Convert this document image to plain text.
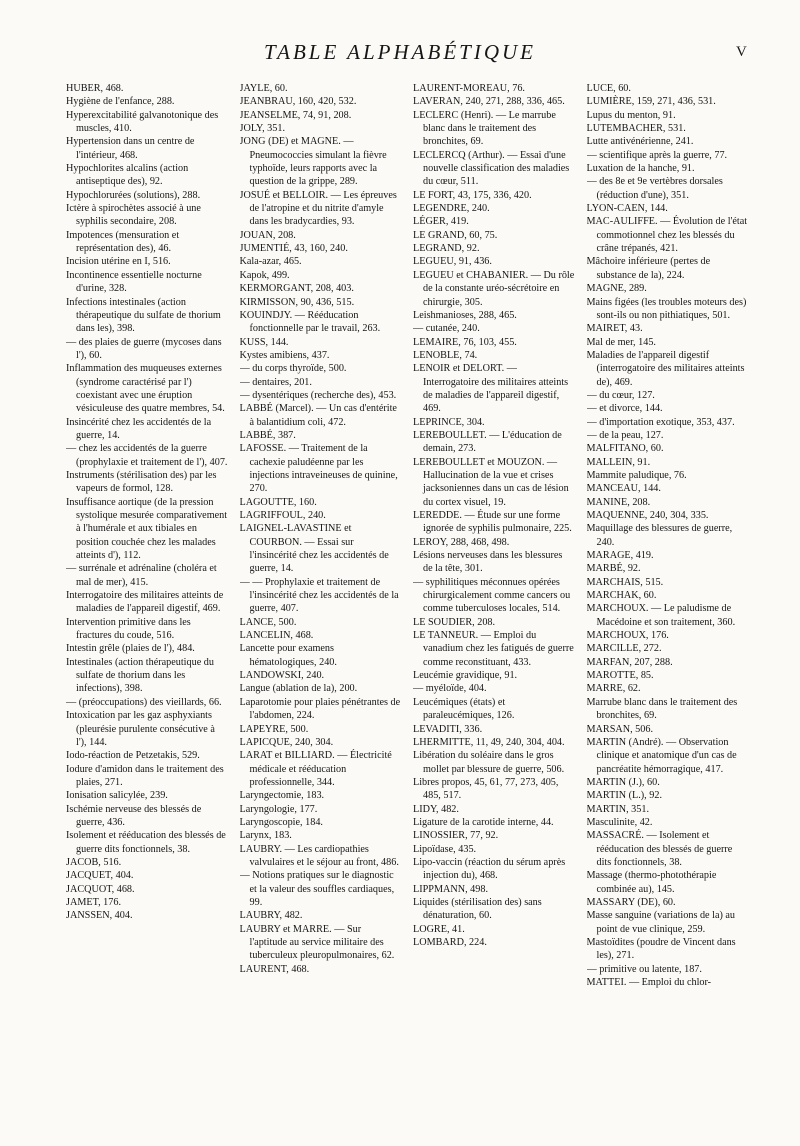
TABLE ALPHABÉTIQUE	V
HUBER, 468.
Hygiène de l'enfance, 288.
Hyperexcitabilité galvanotonique des muscles, 410.
Hypertension dans un centre de l'intérieur, 468.
Hypochlorites alcalins (action antiseptique des), 92.
Hypochlorurées (solutions), 288.
Ictère à spirochètes associé à une syphilis secondaire, 208.
Impotences (mensuration et représentation des), 46.
Incision utérine en I, 516.
Incontinence essentielle nocturne d'urine, 328.
Infections intestinales (action thérapeutique du sulfate de thorium dans les), 398.
— des plaies de guerre (mycoses dans l'), 60.
Inflammation des muqueuses externes (syndrome caractérisé par l') coexistant avec une éruption vésiculeuse des quatre membres, 54.
Insincérité chez les accidentés de la guerre, 14.
— chez les accidentés de la guerre (prophylaxie et traitement de l'), 407.
Instruments (stérilisation des) par les vapeurs de formol, 128.
Insuffisance aortique (de la pression systolique mesurée comparativement à l'humérale et aux tibiales en position couchée chez les malades atteints d'), 112.
— surrénale et adrénaline (choléra et mal de mer), 415.
Interrogatoire des militaires atteints de maladies de l'appareil digestif, 469.
Intervention primitive dans les fractures du coude, 516.
Intestin grêle (plaies de l'), 484.
Intestinales (action thérapeutique du sulfate de thorium dans les infections), 398.
— (préoccupations) des vieillards, 66.
Intoxication par les gaz asphyxiants (pleurésie purulente consécutive à l'), 144.
Iodo-réaction de Petzetakis, 529.
Iodure d'amidon dans le traitement des plaies, 271.
Ionisation salicylée, 239.
Ischémie nerveuse des blessés de guerre, 436.
Isolement et rééducation des blessés de guerre dits fonctionnels, 38.
JACOB, 516.
JACQUET, 404.
JACQUOT, 468.
JAMET, 176.
JANSSEN, 404.
JAYLE, 60.
JEANBRAU, 160, 420, 532.
JEANSELME, 74, 91, 208.
JOLY, 351.
JONG (DE) et MAGNE. — Pneumococcies simulant la fièvre typhoïde, leurs rapports avec la question de la grippe, 289.
JOSUÉ et BELLOIR. — Les épreuves de l'atropine et du nitrite d'amyle dans les bradycardies, 93.
JOUAN, 208.
JUMENTIÉ, 43, 160, 240.
Kala-azar, 465.
Kapok, 499.
KERMORGANT, 208, 403.
KIRMISSON, 90, 436, 515.
KOUINDJY. — Rééducation fonctionnelle par le travail, 263.
KUSS, 144.
Kystes amibiens, 437.
— du corps thyroïde, 500.
— dentaires, 201.
— dysentériques (recherche des), 453.
LABBÉ (Marcel). — Un cas d'entérite à balantidium coli, 472.
LABBÉ, 387.
LAFOSSE. — Traitement de la cachexie paludéenne par les injections intraveineuses de quinine, 270.
LAGOUTTE, 160.
LAGRIFFOUL, 240.
LAIGNEL-LAVASTINE et COURBON. — Essai sur l'insincérité chez les accidentés de guerre, 14.
— — Prophylaxie et traitement de l'insincérité chez les accidentés de la guerre, 407.
LANCE, 500.
LANCELIN, 468.
Lancette pour examens hématologiques, 240.
LANDOWSKI, 240.
Langue (ablation de la), 200.
Laparotomie pour plaies pénétrantes de l'abdomen, 224.
LAPEYRE, 500.
LAPICQUE, 240, 304.
LARAT et BILLIARD. — Électricité médicale et rééducation professionnelle, 344.
Laryngectomie, 183.
Laryngologie, 177.
Laryngoscopie, 184.
Larynx, 183.
LAUBRY. — Les cardiopathies valvulaires et le séjour au front, 486.
— Notions pratiques sur le diagnostic et la valeur des souffles cardiaques, 99.
LAUBRY, 482.
LAUBRY et MARRE. — Sur l'aptitude au service militaire des tuberculeux pleuropulmonaires, 62.
LAURENT, 468.
LAURENT-MOREAU, 76.
LAVERAN, 240, 271, 288, 336, 465.
LECLERC (Henri). — Le marrube blanc dans le traitement des bronchites, 69.
LECLERCQ (Arthur). — Essai d'une nouvelle classification des maladies du cœur, 511.
LE FORT, 43, 175, 336, 420.
LEGENDRE, 240.
LÉGER, 419.
LE GRAND, 60, 75.
LEGRAND, 92.
LEGUEU, 91, 436.
LEGUEU et CHABANIER. — Du rôle de la constante uréo-sécrétoire en chirurgie, 305.
Leishmanioses, 288, 465.
— cutanée, 240.
LEMAIRE, 76, 103, 455.
LENOBLE, 74.
LENOIR et DELORT. — Interrogatoire des militaires atteints de maladies de l'appareil digestif, 469.
LEPRINCE, 304.
LEREBOULLET. — L'éducation de demain, 273.
LEREBOULLET et MOUZON. — Hallucination de la vue et crises jacksoniennes dans un cas de lésion du cortex visuel, 19.
LEREDDE. — Étude sur une forme ignorée de syphilis pulmonaire, 225.
LEROY, 288, 468, 498.
Lésions nerveuses dans les blessures de la tête, 301.
— syphilitiques méconnues opérées chirurgicalement comme cancers ou comme tuberculoses locales, 514.
LE SOUDIER, 208.
LE TANNEUR. — Emploi du vanadium chez les fatigués de guerre comme reconstituant, 433.
Leucémie gravidique, 91.
— myéloïde, 404.
Leucémiques (états) et paraleucémiques, 126.
LEVADITI, 336.
LHERMITTE, 11, 49, 240, 304, 404.
Libération du soléaire dans le gros mollet par blessure de guerre, 506.
Libres propos, 45, 61, 77, 273, 405, 485, 517.
LIDY, 482.
Ligature de la carotide interne, 44.
LINOSSIER, 77, 92.
Lipoïdase, 435.
Lipo-vaccin (réaction du sérum après injection du), 468.
LIPPMANN, 498.
Liquides (stérilisation des) sans dénaturation, 60.
LOGRE, 41.
LOMBARD, 224.
LUCE, 60.
LUMIÈRE, 159, 271, 436, 531.
Lupus du menton, 91.
LUTEMBACHER, 531.
Lutte antivénérienne, 241.
— scientifique après la guerre, 77.
Luxation de la hanche, 91.
— des 8e et 9e vertèbres dorsales (réduction d'une), 351.
LYON-CAEN, 144.
MAC-AULIFFE. — Évolution de l'état commotionnel chez les blessés du crâne trépanés, 421.
Mâchoire inférieure (pertes de substance de la), 224.
MAGNE, 289.
Mains figées (les troubles moteurs des) sont-ils ou non pithiatiques, 501.
MAIRET, 43.
Mal de mer, 145.
Maladies de l'appareil digestif (interrogatoire des militaires atteints de), 469.
— du cœur, 127.
— et divorce, 144.
— d'importation exotique, 353, 437.
— de la peau, 127.
MALFITANO, 60.
MALLEIN, 91.
Mammite paludique, 76.
MANCEAU, 144.
MANINE, 208.
MAQUENNE, 240, 304, 335.
Maquillage des blessures de guerre, 240.
MARAGE, 419.
MARBÉ, 92.
MARCHAIS, 515.
MARCHAK, 60.
MARCHOUX. — Le paludisme de Macédoine et son traitement, 360.
MARCHOUX, 176.
MARCILLE, 272.
MARFAN, 207, 288.
MAROTTE, 85.
MARRE, 62.
Marrube blanc dans le traitement des bronchites, 69.
MARSAN, 506.
MARTIN (André). — Observation clinique et anatomique d'un cas de pancréatite hémorragique, 417.
MARTIN (J.), 60.
MARTIN (L.), 92.
MARTIN, 351.
Masculinite, 42.
MASSACRÉ. — Isolement et rééducation des blessés de guerre dits fonctionnels, 38.
Massage (thermo-photothérapie combinée au), 145.
MASSARY (DE), 60.
Masse sanguine (variations de la) au point de vue clinique, 259.
Mastoïdites (poudre de Vincent dans les), 271.
— primitive ou latente, 187.
MATTEI. — Emploi du chlor-
